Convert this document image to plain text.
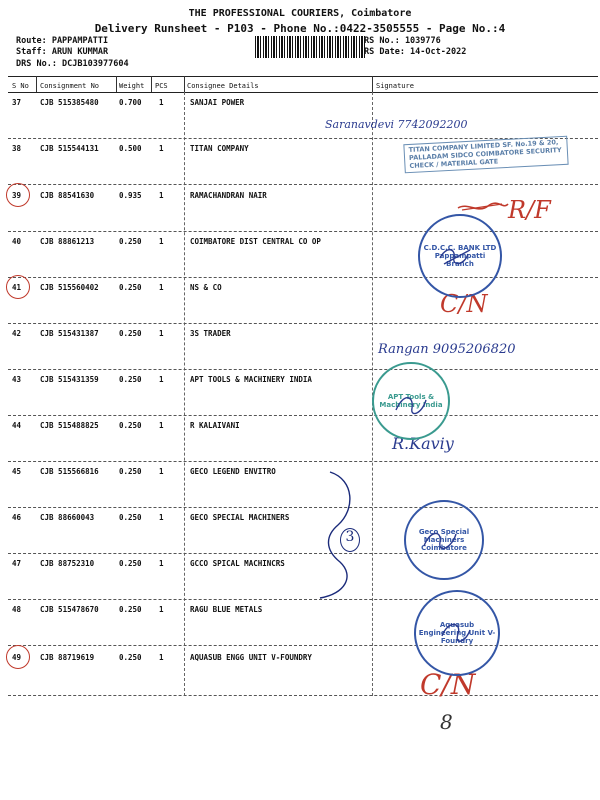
THE PROFESSIONAL COURIERS, Coimbatore
Delivery Runsheet - P103 - Phone No.:0422-3505555 - Page No.:4
Route: PAPPAMPATTI
Staff: ARUN KUMMAR
DRS No.: DCJB103977604
RS No.: 1039776
RS Date: 14-Oct-2022
S No Consignment No	Weight PCS	Consignee Details	Signature
37	CJB 515385480	0.700 1	SANJAI POWER
38	CJB 515544131	0.500 1	TITAN COMPANY
39	CJB 88541630	0.935 1	RAMACHANDRAN NAIR
40	CJB 88861213	0.250 1	COIMBATORE DIST CENTRAL CO OP
41	CJB 515560402	0.250 1	NS & CO
42	CJB 515431387	0.250 1	3S TRADER
43	CJB 515431359	0.250 1	APT TOOLS & MACHINERY INDIA
44	CJB 515488825	0.250 1	R KALAIVANI
45	CJB 515566816	0.250 1	GECO LEGEND ENVITRO
46	CJB 88660043	0.250 1	GECO SPECIAL MACHINERS
47	CJB 88752310	0.250 1	GCCO SPICAL MACHINCRS
48	CJB 515478670	0.250 1	RAGU BLUE METALS
49	CJB 88719619	0.250 1	AQUASUB ENGG UNIT V-FOUNDRY
Saranavdevi 7742092200
R/F
C/N
Rangan 9095206820
R.Kaviy
3
C/N
8
TITAN COMPANY LIMITED SF. No.19 & 20, PALLADAM SIDCO COIMBATORE SECURITY CHECK / MATERIAL GATE
C.D.C.C. BANK LTD Pappampatti Branch
APT Tools & Machinery India
Geco Special Machiners Coimbatore
Aquasub Engineering Unit V-Foundry
